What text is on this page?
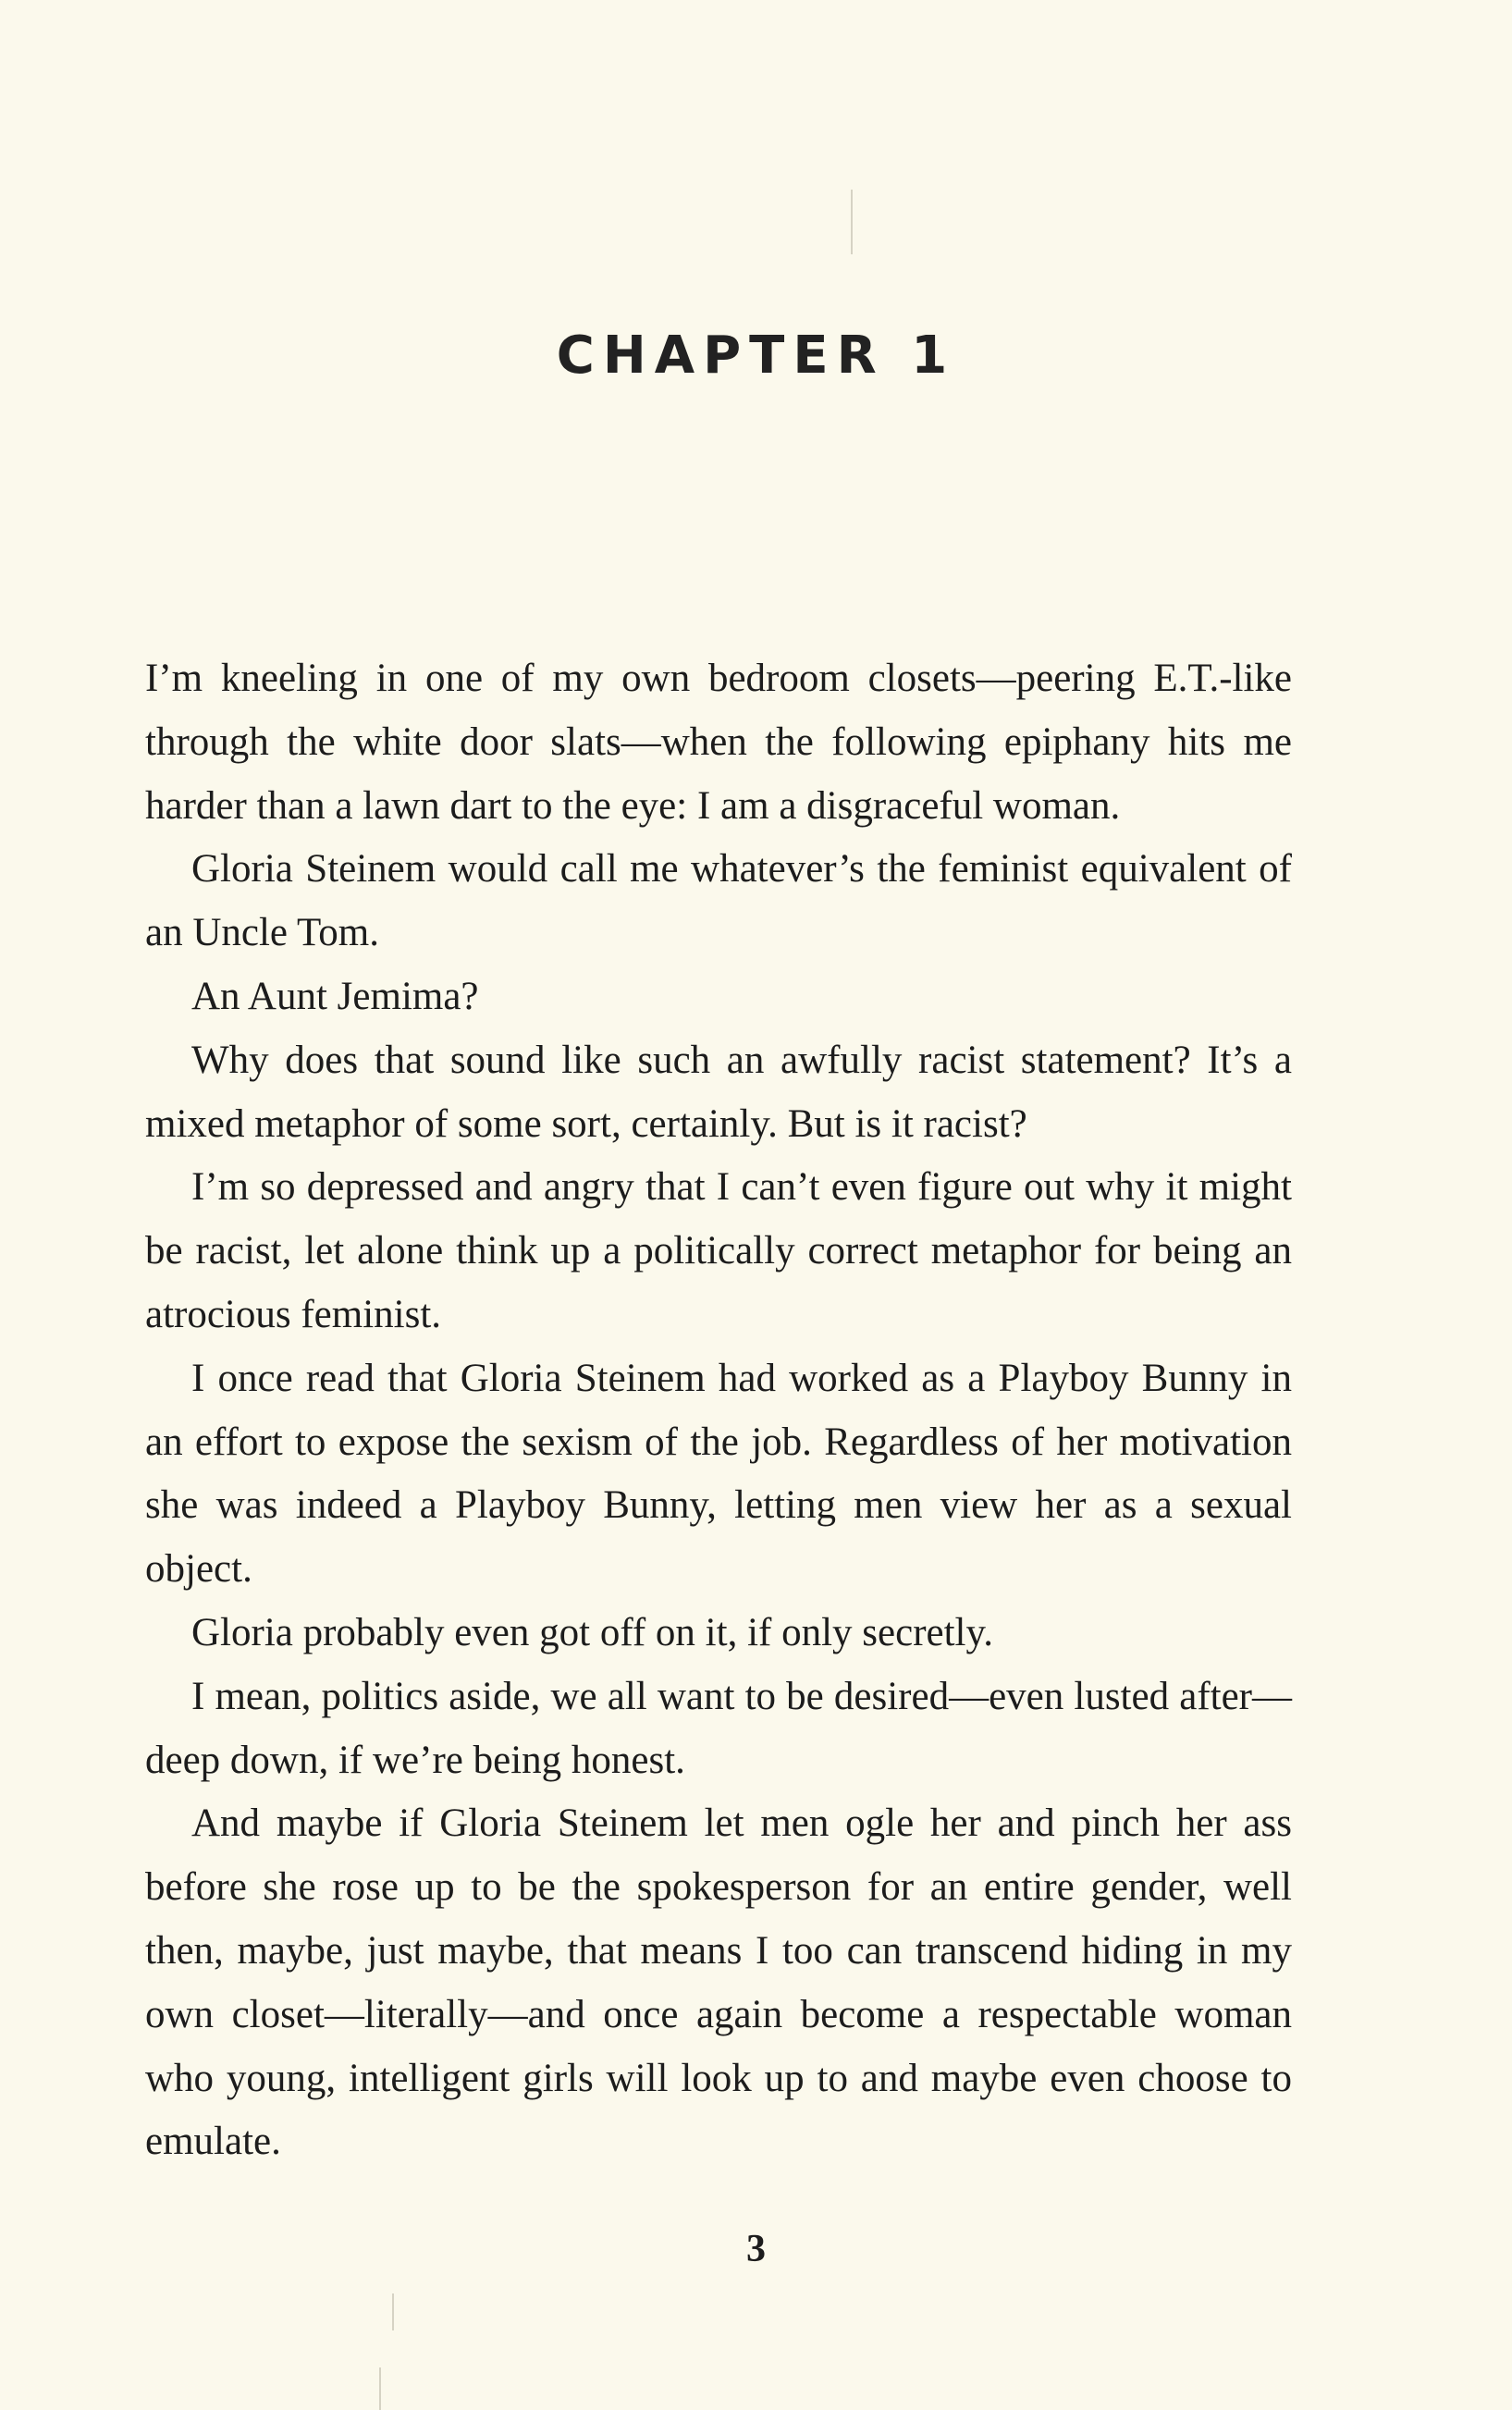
CHAPTER 1

I’m kneeling in one of my own bedroom closets—peering E.T.-like through the white door slats—when the following epiphany hits me harder than a lawn dart to the eye: I am a disgraceful woman.

Gloria Steinem would call me whatever’s the feminist equivalent of an Uncle Tom.

An Aunt Jemima?

Why does that sound like such an awfully racist statement? It’s a mixed metaphor of some sort, certainly. But is it racist?

I’m so depressed and angry that I can’t even figure out why it might be racist, let alone think up a politically correct metaphor for being an atrocious feminist.

I once read that Gloria Steinem had worked as a Playboy Bunny in an effort to expose the sexism of the job. Regardless of her motivation she was indeed a Playboy Bunny, letting men view her as a sexual object.

Gloria probably even got off on it, if only secretly.

I mean, politics aside, we all want to be desired—even lusted after—deep down, if we’re being honest.

And maybe if Gloria Steinem let men ogle her and pinch her ass before she rose up to be the spokesperson for an entire gender, well then, maybe, just maybe, that means I too can transcend hiding in my own closet—literally—and once again become a respectable woman who young, intelligent girls will look up to and maybe even choose to emulate.

3
